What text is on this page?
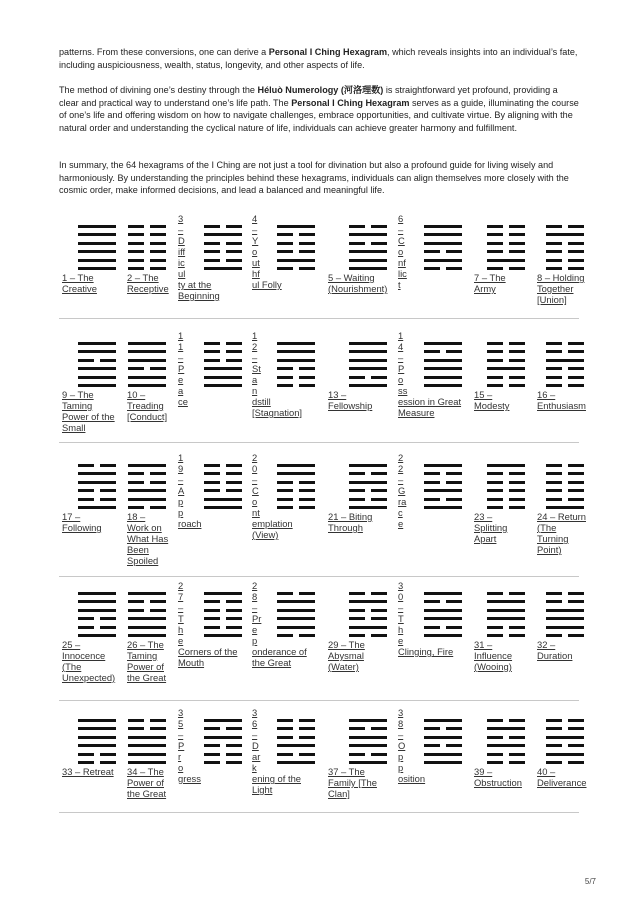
patterns. From these conversions, one can derive a Personal I Ching Hexagram, which reveals insights into an individual’s fate, including auspiciousness, wealth, status, longevity, and other aspects of life.

The method of divining one’s destiny through the Héluò Numerology (河洛理数) is straightforward yet profound, providing a clear and practical way to understand one’s life path. The Personal I Ching Hexagram serves as a guide, illuminating the course of one’s life and offering wisdom on how to navigate challenges, embrace opportunities, and cultivate virtue. By aligning with the natural order and understanding the cyclical nature of life, individuals can achieve greater harmony and fulfillment.

In summary, the 64 hexagrams of the I Ching are not just a tool for divination but also a profound guide for living wisely and harmoniously. By understanding the principles behind these hexagrams, individuals can align themselves more closely with the cosmic order, make informed decisions, and lead a balanced and meaningful life.

1 – The
Creative
2 – The
Receptive
3
–
D
iff
ic
ul
ty at the
Beginning
4
–
Y
o
ut
hf
ul Folly
5 – Waiting
(Nourishment)
6
–
C
o
nf
lic
t
7 – The
Army
8 – Holding
Together
[Union]
9 – The
Taming
Power of the
Small
10 –
Treading
[Conduct]
1
1
–
P
e
a
ce
1
2
–
St
a
n
dstill
[Stagnation]
13 –
Fellowship
1
4
–
P
o
ss
ession in Great
Measure
15 –
Modesty
16 –
Enthusiasm
17 –
Following
18 –
Work on
What Has
Been
Spoiled
1
9
–
A
p
p
roach
2
0
–
C
o
nt
emplation
(View)
21 – Biting
Through
2
2
–
G
ra
c
e
23 –
Splitting
Apart
24 – Return
(The
Turning
Point)
25 –
Innocence
(The
Unexpected)
26 – The
Taming
Power of
the Great
2
7
–
T
h
e
Corners of the
Mouth
2
8
–
Pr
e
p
onderance of
the Great
29 – The
Abysmal
(Water)
3
0
–
T
h
e
Clinging, Fire
31 –
Influence
(Wooing)
32 –
Duration
33 – Retreat	34 – The
Power of
the Great
3
5
–
P
r
o
gress
3
6
–
D
ar
k
ening of the
Light
37 – The
Family [The
Clan]
3
8
–
O
p
p
osition
39 –
Obstruction
40 –
Deliverance
5/7
